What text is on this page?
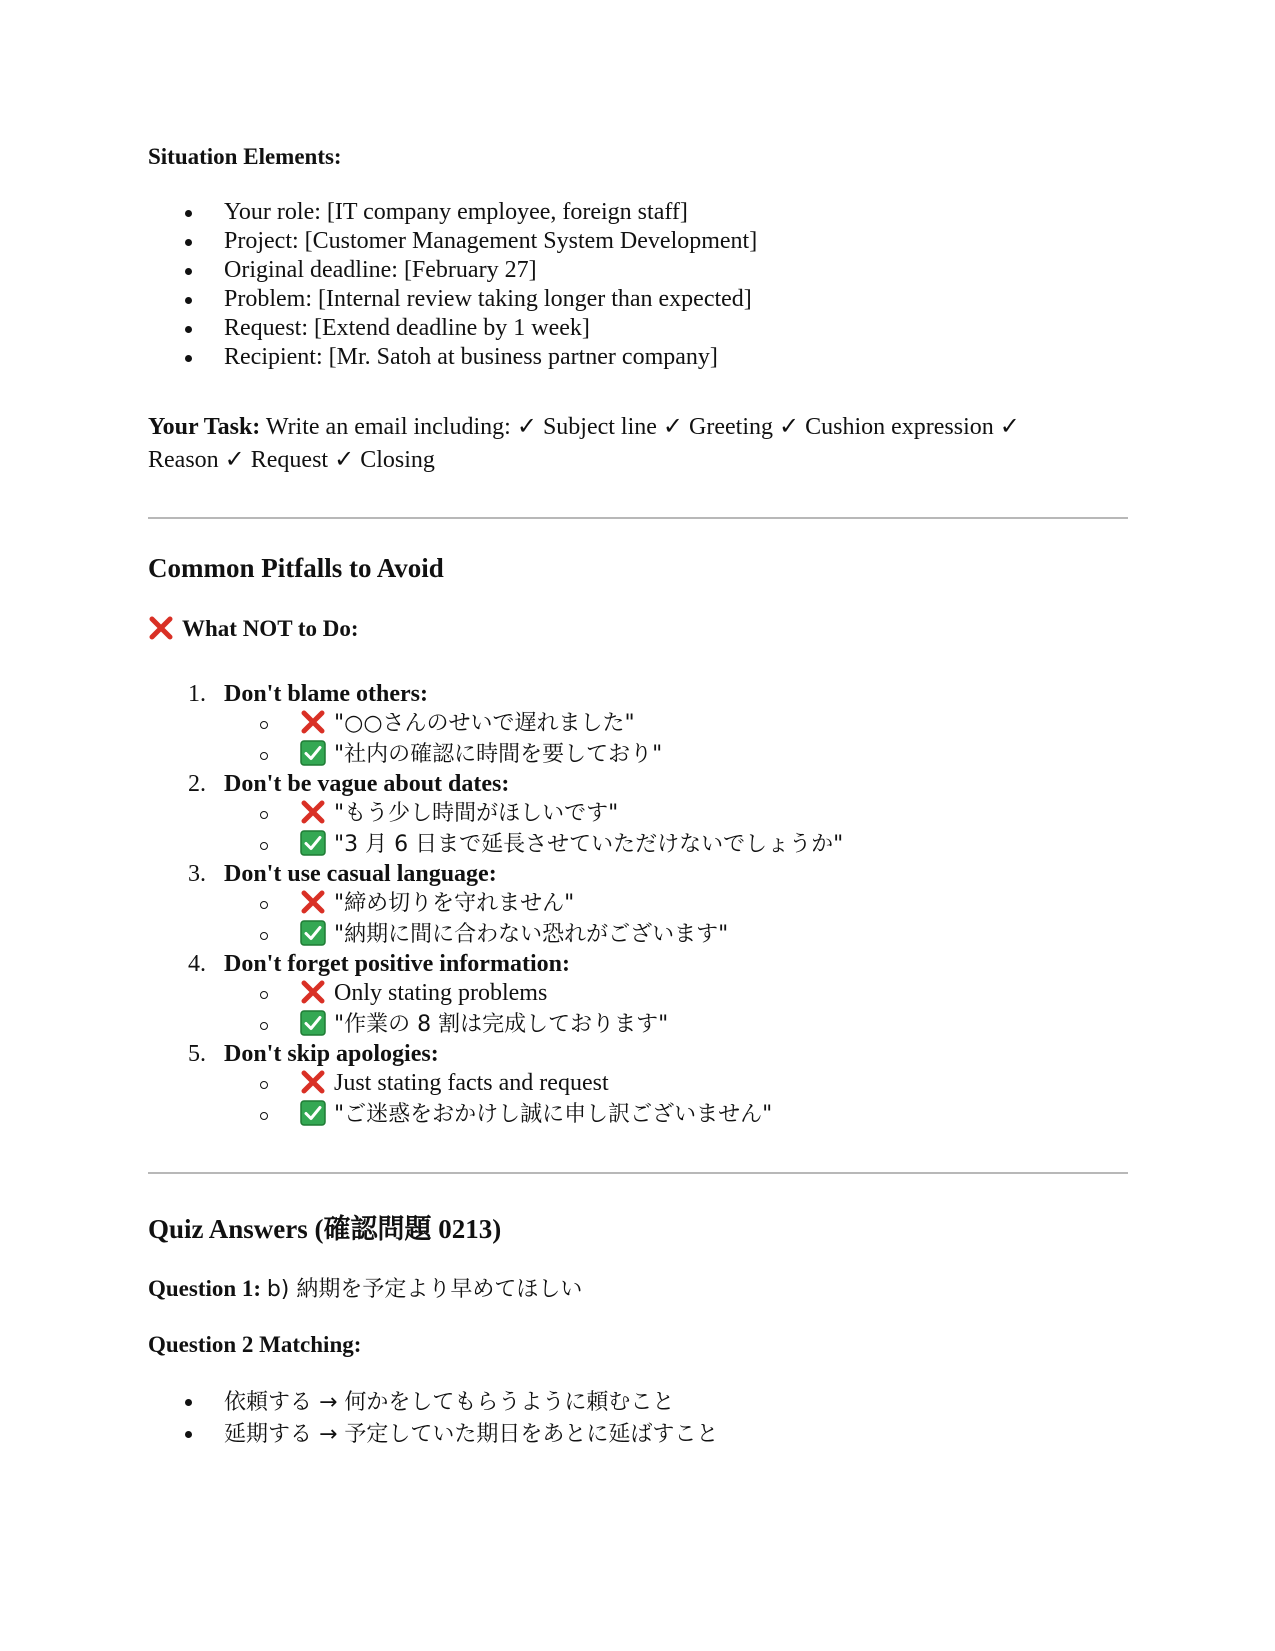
Situation Elements:
Your role: [IT company employee, foreign staff]
Project: [Customer Management System Development]
Original deadline: [February 27]
Problem: [Internal review taking longer than expected]
Request: [Extend deadline by 1 week]
Recipient: [Mr. Satoh at business partner company]
Your Task: Write an email including: ✓ Subject line ✓ Greeting ✓ Cushion expression ✓ Reason ✓ Request ✓ Closing
Common Pitfalls to Avoid
What NOT to Do:
1. Don't blame others:
"○○さんのせいで遅れました"
"社内の確認に時間を要しており"
2. Don't be vague about dates:
"もう少し時間がほしいです"
"3 月 6 日まで延長させていただけないでしょうか"
3. Don't use casual language:
"締め切りを守れません"
"納期に間に合わない恐れがございます"
4. Don't forget positive information:
Only stating problems
"作業の 8 割は完成しております"
5. Don't skip apologies:
Just stating facts and request
"ご迷惑をおかけし誠に申し訳ございません"
Quiz Answers (確認問題 0213)
Question 1: b) 納期を予定より早めてほしい
Question 2 Matching:
依頼する → 何かをしてもらうように頼むこと
延期する → 予定していた期日をあとに延ばすこと
